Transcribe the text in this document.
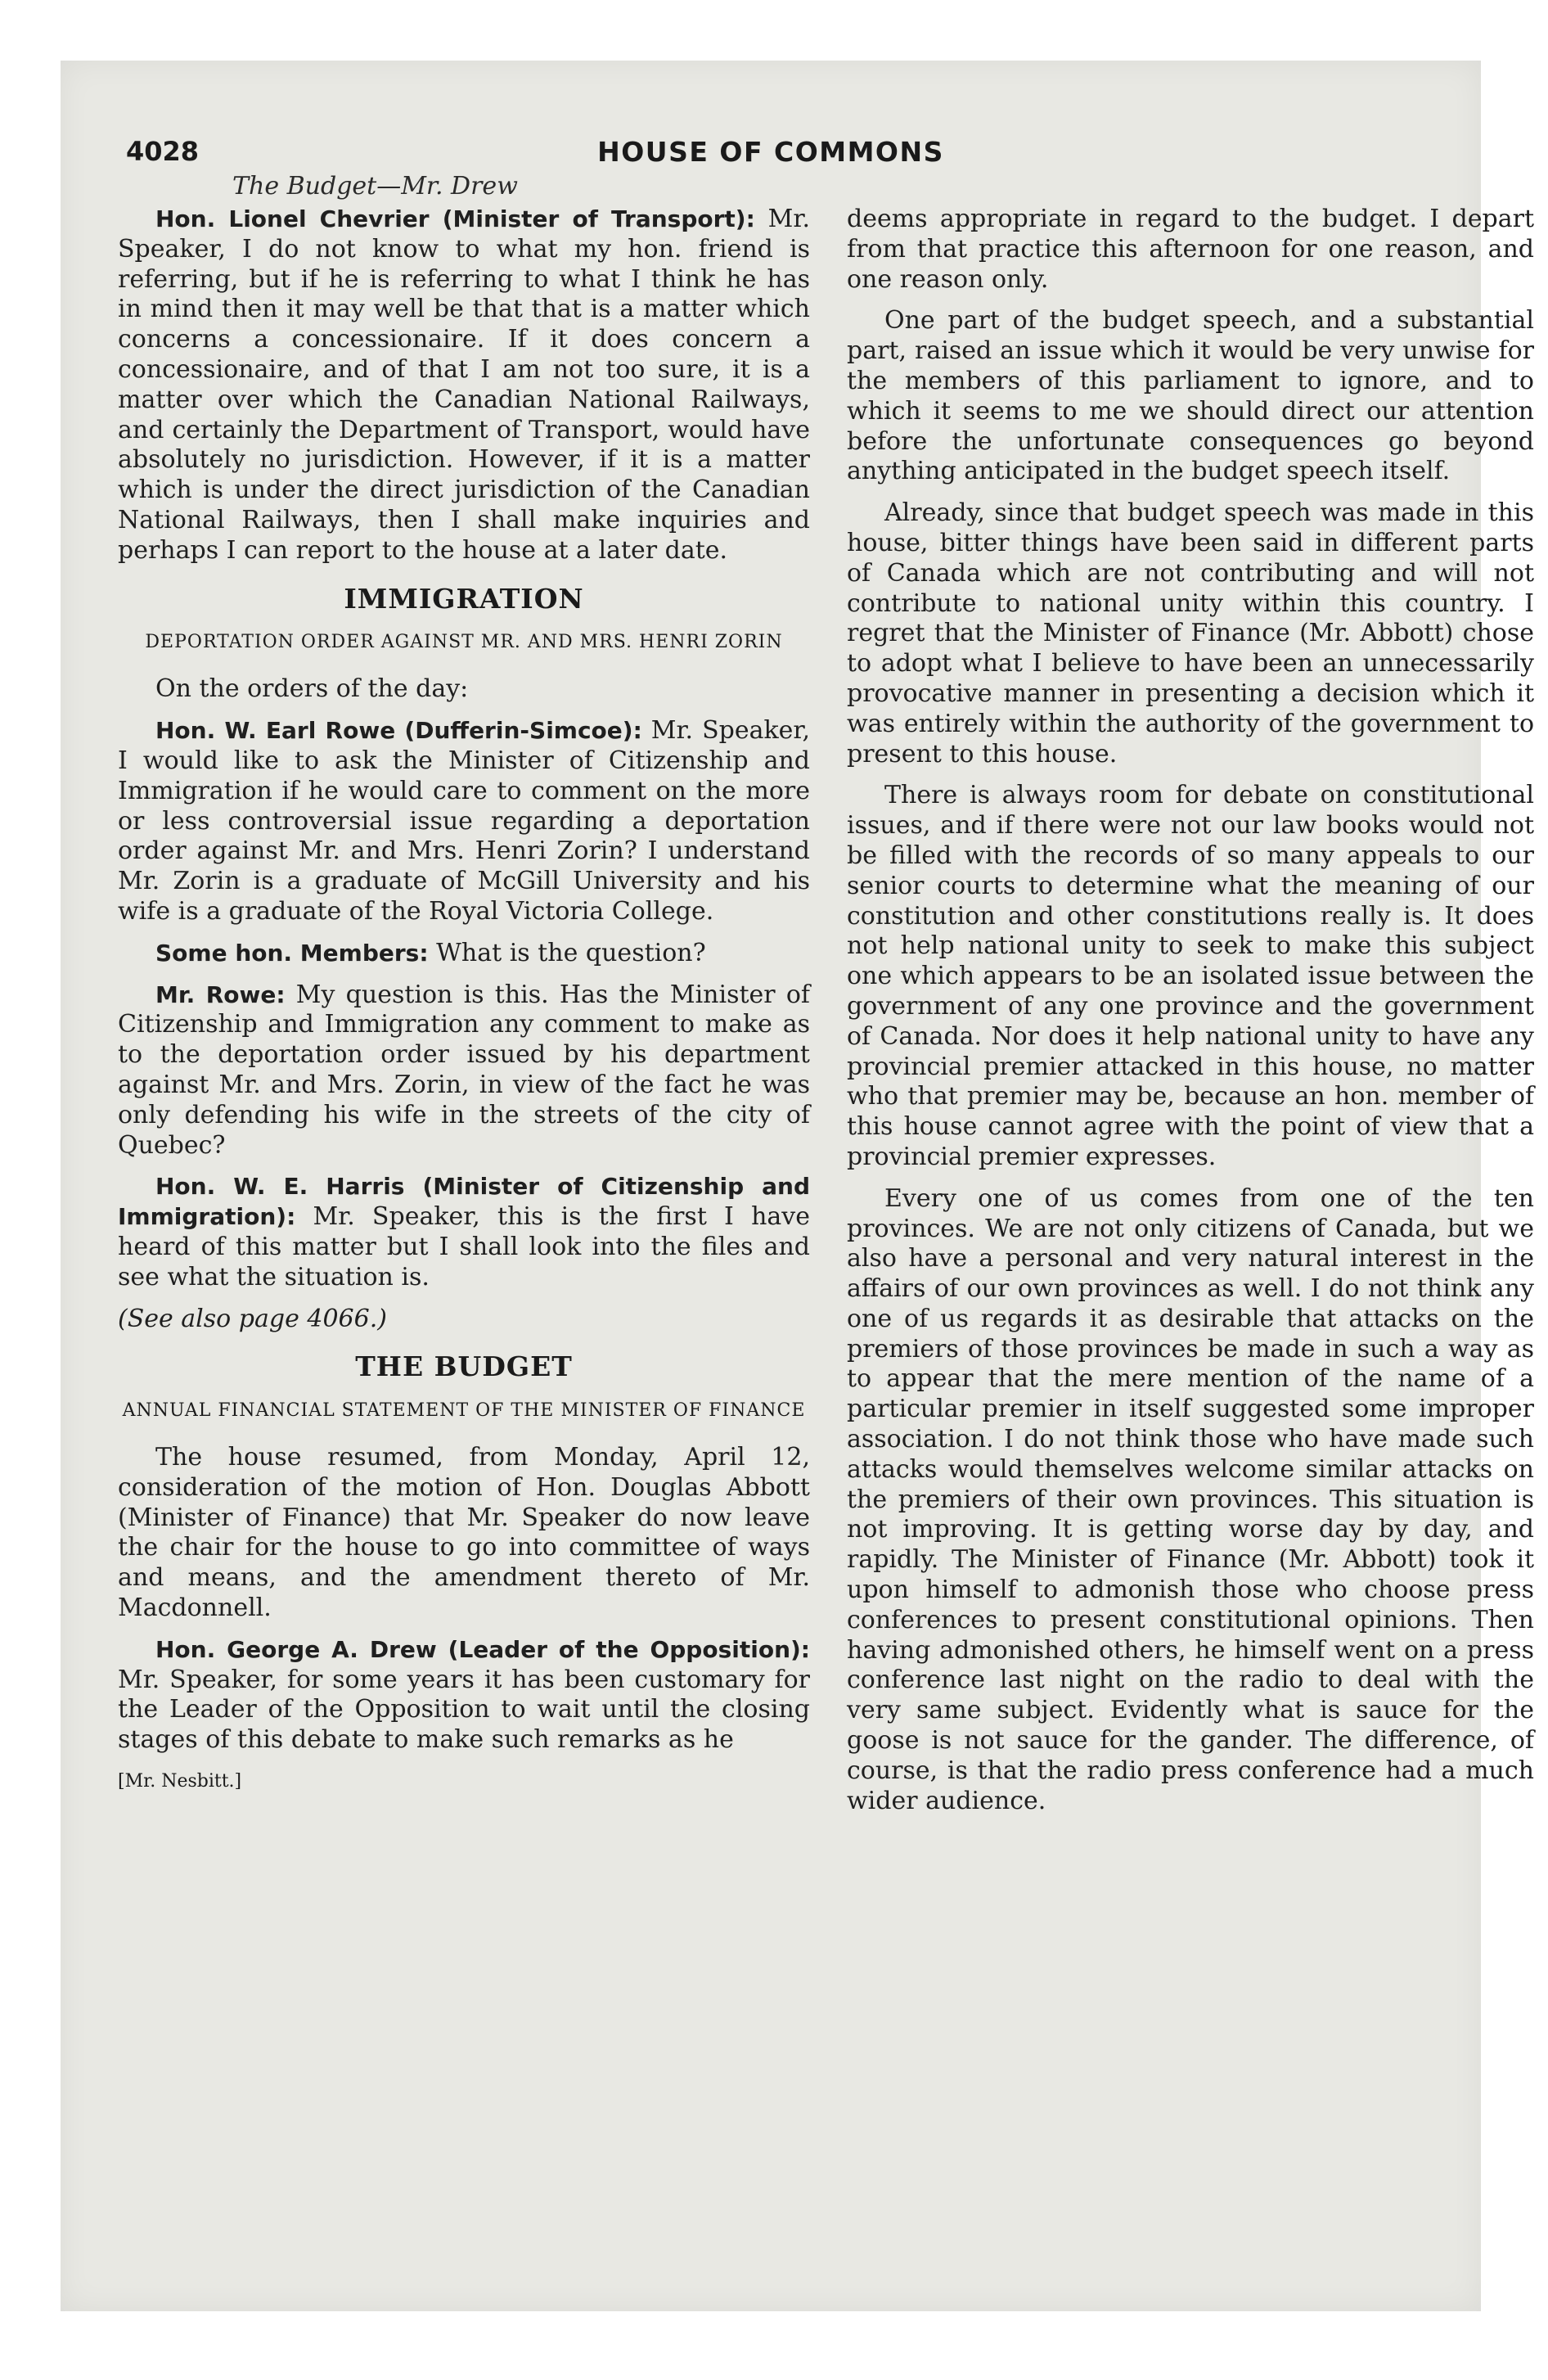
4028	HOUSE OF COMMONS
The Budget—Mr. Drew

Hon. Lionel Chevrier (Minister of Transport): Mr. Speaker, I do not know to what my hon. friend is referring, but if he is referring to what I think he has in mind then it may well be that that is a matter which concerns a concessionaire. If it does concern a concessionaire, and of that I am not too sure, it is a matter over which the Canadian National Railways, and certainly the Department of Transport, would have absolutely no jurisdiction. However, if it is a matter which is under the direct jurisdiction of the Canadian National Railways, then I shall make inquiries and perhaps I can report to the house at a later date.

IMMIGRATION
DEPORTATION ORDER AGAINST MR. AND MRS. HENRI ZORIN

On the orders of the day:

Hon. W. Earl Rowe (Dufferin-Simcoe): Mr. Speaker, I would like to ask the Minister of Citizenship and Immigration if he would care to comment on the more or less controversial issue regarding a deportation order against Mr. and Mrs. Henri Zorin? I understand Mr. Zorin is a graduate of McGill University and his wife is a graduate of the Royal Victoria College.

Some hon. Members: What is the question?

Mr. Rowe: My question is this. Has the Minister of Citizenship and Immigration any comment to make as to the deportation order issued by his department against Mr. and Mrs. Zorin, in view of the fact he was only defending his wife in the streets of the city of Quebec?

Hon. W. E. Harris (Minister of Citizenship and Immigration): Mr. Speaker, this is the first I have heard of this matter but I shall look into the files and see what the situation is.

(See also page 4066.)

THE BUDGET
ANNUAL FINANCIAL STATEMENT OF THE MINISTER OF FINANCE

The house resumed, from Monday, April 12, consideration of the motion of Hon. Douglas Abbott (Minister of Finance) that Mr. Speaker do now leave the chair for the house to go into committee of ways and means, and the amendment thereto of Mr. Macdonnell.

Hon. George A. Drew (Leader of the Opposition): Mr. Speaker, for some years it has been customary for the Leader of the Opposition to wait until the closing stages of this debate to make such remarks as he

[Mr. Nesbitt.]

deems appropriate in regard to the budget. I depart from that practice this afternoon for one reason, and one reason only.

One part of the budget speech, and a substantial part, raised an issue which it would be very unwise for the members of this parliament to ignore, and to which it seems to me we should direct our attention before the unfortunate consequences go beyond anything anticipated in the budget speech itself.

Already, since that budget speech was made in this house, bitter things have been said in different parts of Canada which are not contributing and will not contribute to national unity within this country. I regret that the Minister of Finance (Mr. Abbott) chose to adopt what I believe to have been an unnecessarily provocative manner in presenting a decision which it was entirely within the authority of the government to present to this house.

There is always room for debate on constitutional issues, and if there were not our law books would not be filled with the records of so many appeals to our senior courts to determine what the meaning of our constitution and other constitutions really is. It does not help national unity to seek to make this subject one which appears to be an isolated issue between the government of any one province and the government of Canada. Nor does it help national unity to have any provincial premier attacked in this house, no matter who that premier may be, because an hon. member of this house cannot agree with the point of view that a provincial premier expresses.

Every one of us comes from one of the ten provinces. We are not only citizens of Canada, but we also have a personal and very natural interest in the affairs of our own provinces as well. I do not think any one of us regards it as desirable that attacks on the premiers of those provinces be made in such a way as to appear that the mere mention of the name of a particular premier in itself suggested some improper association. I do not think those who have made such attacks would themselves welcome similar attacks on the premiers of their own provinces. This situation is not improving. It is getting worse day by day, and rapidly. The Minister of Finance (Mr. Abbott) took it upon himself to admonish those who choose press conferences to present constitutional opinions. Then having admonished others, he himself went on a press conference last night on the radio to deal with the very same subject. Evidently what is sauce for the goose is not sauce for the gander. The difference, of course, is that the radio press conference had a much wider audience.
